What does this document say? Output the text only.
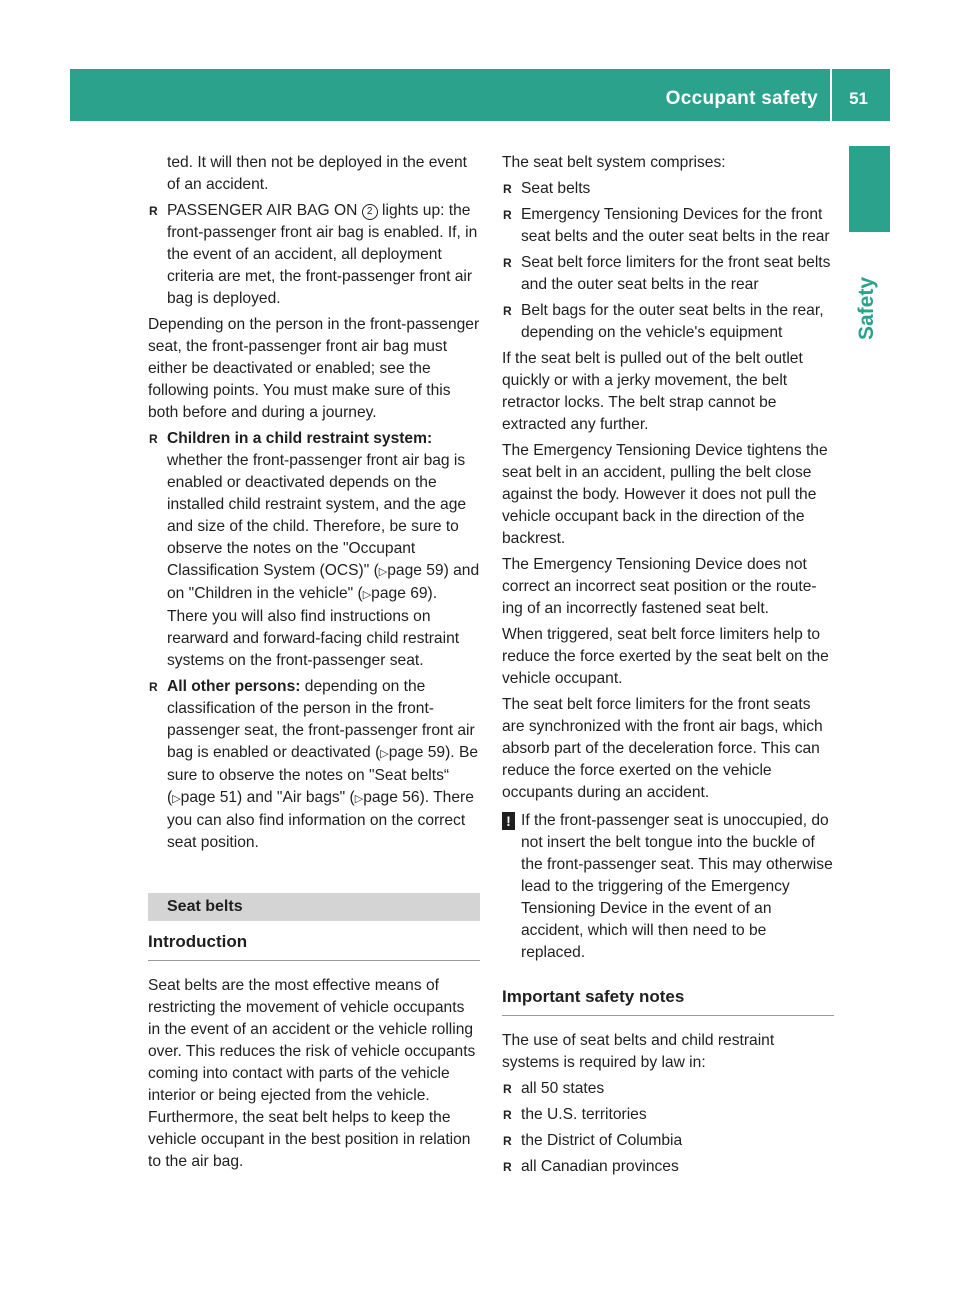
Occupant safety 51
Safety

ted. It will then not be deployed in the event of an accident.

R PASSENGER AIR BAG ON 2 lights up: the front-passenger front air bag is enabled. If, in the event of an accident, all deployment criteria are met, the front-passenger front air bag is deployed.

Depending on the person in the front-passenger seat, the front-passenger front air bag must either be deactivated or enabled; see the following points. You must make sure of this both before and during a journey.

R Children in a child restraint system:
whether the front-passenger front air bag is enabled or deactivated depends on the installed child restraint system, and the age and size of the child. Therefore, be sure to observe the notes on the "Occupant Classification System (OCS)" (▷page 59) and on "Children in the vehicle" (▷page 69). There you will also find instructions on rearward and forward-facing child restraint systems on the front-passenger seat.
R All other persons: depending on the classification of the person in the front-passenger seat, the front-passenger front air bag is enabled or deactivated (▷page 59). Be sure to observe the notes on "Seat belts“ (▷page 51) and "Air bags" (▷page 56). There you can also find information on the correct seat position.
Seat belts
Introduction

Seat belts are the most effective means of restricting the movement of vehicle occupants in the event of an accident or the vehicle rolling over. This reduces the risk of vehicle occupants coming into contact with parts of the vehicle interior or being ejected from the vehicle. Furthermore, the seat belt helps to keep the vehicle occupant in the best position in relation to the air bag.

The seat belt system comprises:

R Seat belts
R Emergency Tensioning Devices for the front seat belts and the outer seat belts in the rear
R Seat belt force limiters for the front seat belts and the outer seat belts in the rear
R Belt bags for the outer seat belts in the rear, depending on the vehicle's equipment

If the seat belt is pulled out of the belt outlet quickly or with a jerky movement, the belt retractor locks. The belt strap cannot be extracted any further.

The Emergency Tensioning Device tightens the seat belt in an accident, pulling the belt close against the body. However it does not pull the vehicle occupant back in the direction of the backrest.

The Emergency Tensioning Device does not correct an incorrect seat position or the route-ing of an incorrectly fastened seat belt.

When triggered, seat belt force limiters help to reduce the force exerted by the seat belt on the vehicle occupant.

The seat belt force limiters for the front seats are synchronized with the front air bags, which absorb part of the deceleration force. This can reduce the force exerted on the vehicle occupants during an accident.

! If the front-passenger seat is unoccupied, do not insert the belt tongue into the buckle of the front-passenger seat. This may otherwise lead to the triggering of the Emergency Tensioning Device in the event of an accident, which will then need to be replaced.
Important safety notes

The use of seat belts and child restraint systems is required by law in:

R all 50 states
R the U.S. territories
R the District of Columbia
R all Canadian provinces
